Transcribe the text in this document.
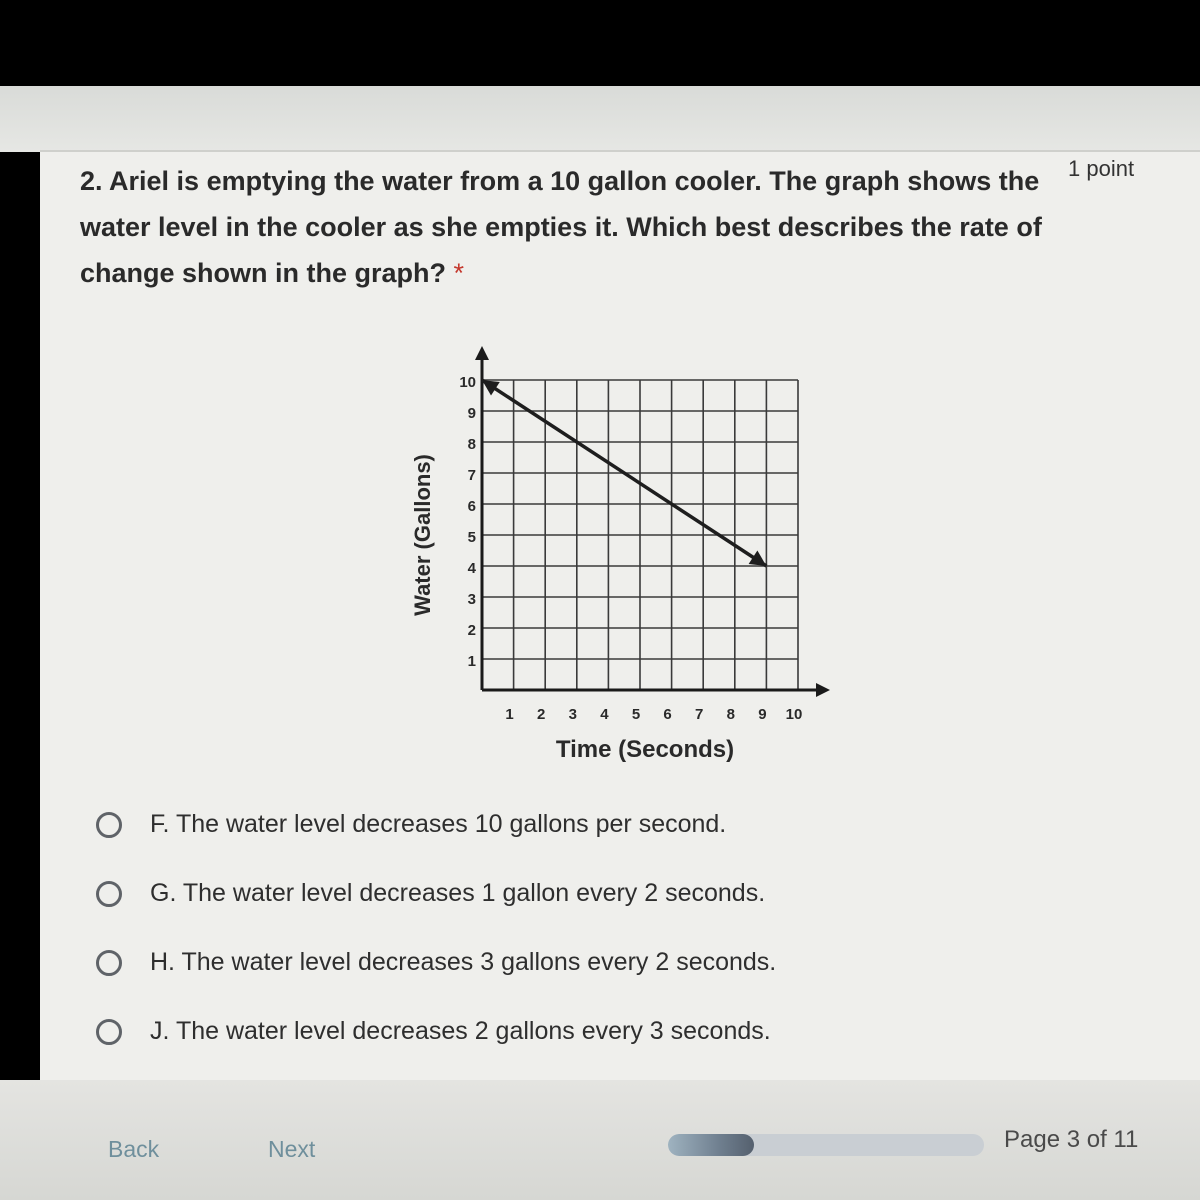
2. Ariel is emptying the water from a 10 gallon cooler. The graph shows the water level in the cooler as she empties it. Which best describes the rate of change shown in the graph? *

1 point
1
2
3
4
5
6
7
8
9
10
1 2 3 4 5 6 7 8 9 10
Water (Gallons)
Time (Seconds)
F. The water level decreases 10 gallons per second.
G. The water level decreases 1 gallon every 2 seconds.
H. The water level decreases 3 gallons every 2 seconds.
J. The water level decreases 2 gallons every 3 seconds.
Back	Next	Page 3 of 11
